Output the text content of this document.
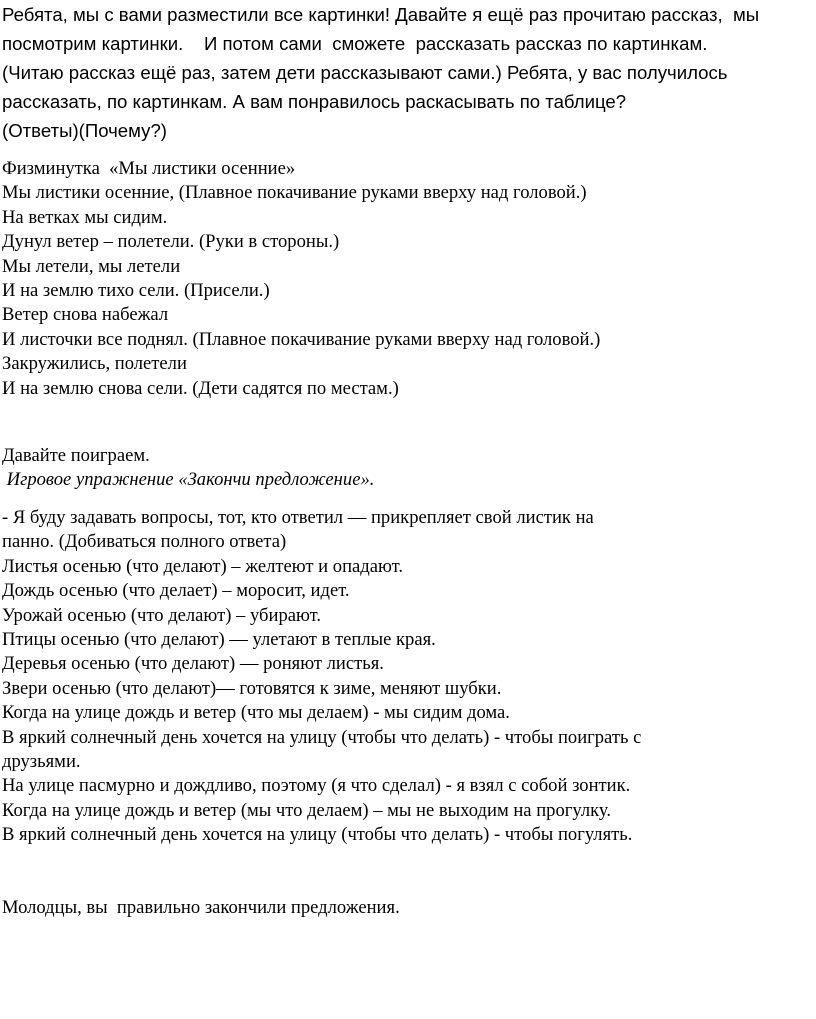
Ребята, мы с вами разместили все картинки! Давайте я ещё раз прочитаю рассказ,  мы
посмотрим картинки.    И потом сами  сможете  рассказать рассказ по картинкам.
(Читаю рассказ ещё раз, затем дети рассказывают сами.) Ребята, у вас получилось
рассказать, по картинкам. А вам понравилось раскасывать по таблице?
(Ответы)(Почему?)
Физминутка  «Мы листики осенние»
Мы листики осенние, (Плавное покачивание руками вверху над головой.)
На ветках мы сидим.
Дунул ветер – полетели. (Руки в стороны.)
Мы летели, мы летели
И на землю тихо сели. (Присели.)
Ветер снова набежал
И листочки все поднял. (Плавное покачивание руками вверху над головой.)
Закружились, полетели
И на землю снова сели. (Дети садятся по местам.)
Давайте поиграем.
Игровое упражнение «Закончи предложение».
- Я буду задавать вопросы, тот, кто ответил — прикрепляет свой листик на
панно. (Добиваться полного ответа)
Листья осенью (что делают) – желтеют и опадают.
Дождь осенью (что делает) – моросит, идет.
Урожай осенью (что делают) – убирают.
Птицы осенью (что делают) — улетают в теплые края.
Деревья осенью (что делают) — роняют листья.
Звери осенью (что делают)— готовятся к зиме, меняют шубки.
Когда на улице дождь и ветер (что мы делаем) - мы сидим дома.
В яркий солнечный день хочется на улицу (чтобы что делать) - чтобы поиграть с
друзьями.
На улице пасмурно и дождливо, поэтому (я что сделал) - я взял с собой зонтик.
Когда на улице дождь и ветер (мы что делаем) – мы не выходим на прогулку.
В яркий солнечный день хочется на улицу (чтобы что делать) - чтобы погулять.
Молодцы, вы  правильно закончили предложения.
